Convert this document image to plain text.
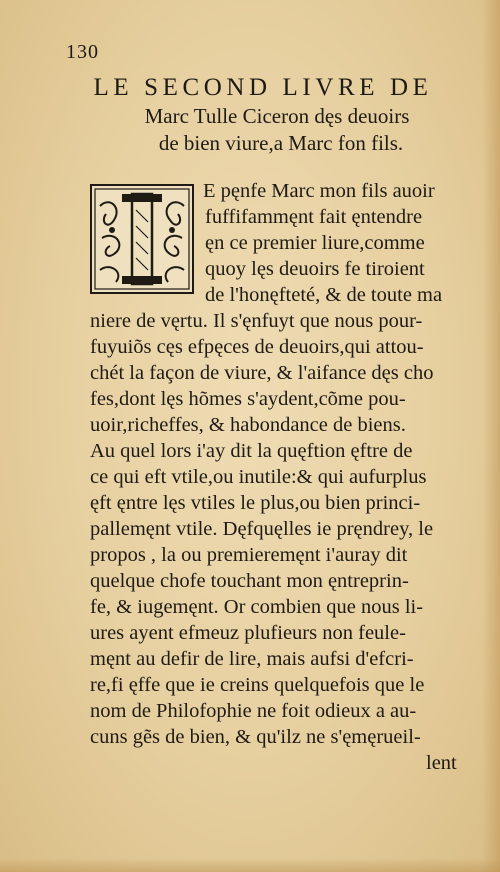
130
LE SECOND LIVRE DE
Marc Tulle Ciceron dęs deuoirs
de bien viure,a Marc fon fils.
E pęnfe Marc mon fils auoir
fuffifammęnt fait ęntendre
ęn ce premier liure,comme
quoy lęs deuoirs fe tiroient
de l'honęfteté, & de toute ma
niere de vęrtu. Il s'ęnfuyt que nous pour-
fuyuiõs cęs efpęces de deuoirs,qui attou-
chét la façon de viure, & l'aifance dęs cho
fes,dont lęs hõmes s'aydent,cõme pou-
uoir,richeffes, & habondance de biens.
Au quel lors i'ay dit la quęftion ęftre de
ce qui eft vtile,ou inutile:& qui aufurplus
ęft ęntre lęs vtiles le plus,ou bien princi-
pallemęnt vtile. Dęfquęlles ie pręndrey, le
propos , la ou premieremęnt i'auray dit
quelque chofe touchant mon ęntreprin-
fe, & iugemęnt. Or combien que nous li-
ures ayent efmeuz plufieurs non feule-
męnt au defir de lire, mais aufsi d'efcri-
re,fi ęffe que ie creins quelquefois que le
nom de Philofophie ne foit odieux a au-
cuns gẽs de bien, & qu'ilz ne s'ęmęrueil-
lent
